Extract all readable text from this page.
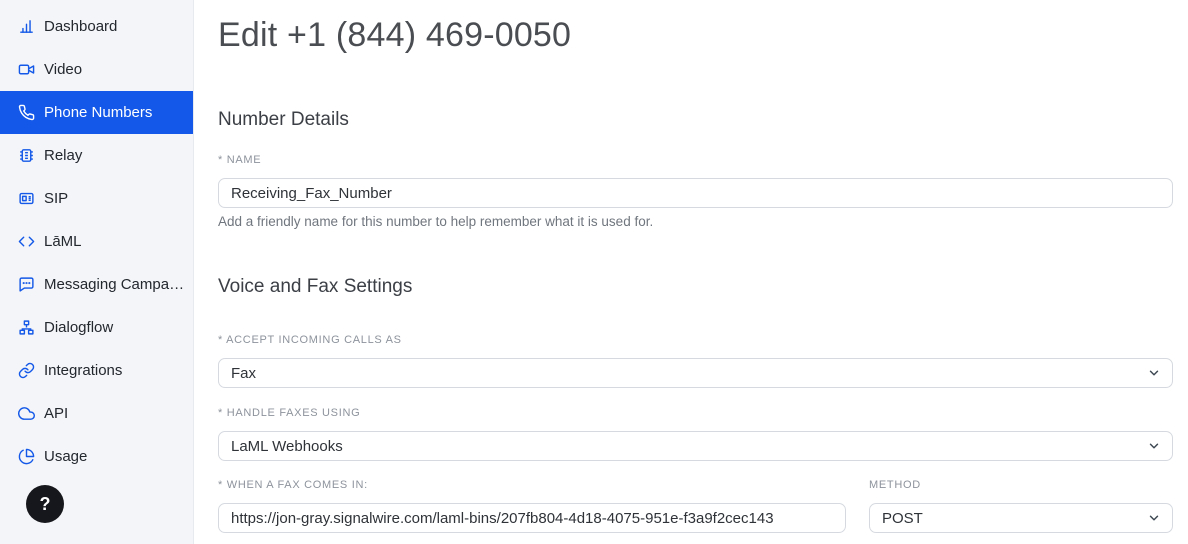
Dashboard
Video
Phone Numbers
Relay
SIP
LāML
Messaging Campai…
Dialogflow
Integrations
API
Usage
?
Edit +1 (844) 469-0050
Number Details
* NAME
Receiving_Fax_Number
Add a friendly name for this number to help remember what it is used for.
Voice and Fax Settings
* ACCEPT INCOMING CALLS AS
Fax
* HANDLE FAXES USING
LaML Webhooks
* WHEN A FAX COMES IN:
https://jon-gray.signalwire.com/laml-bins/207fb804-4d18-4075-951e-f3a9f2cec143	METHOD
POST
